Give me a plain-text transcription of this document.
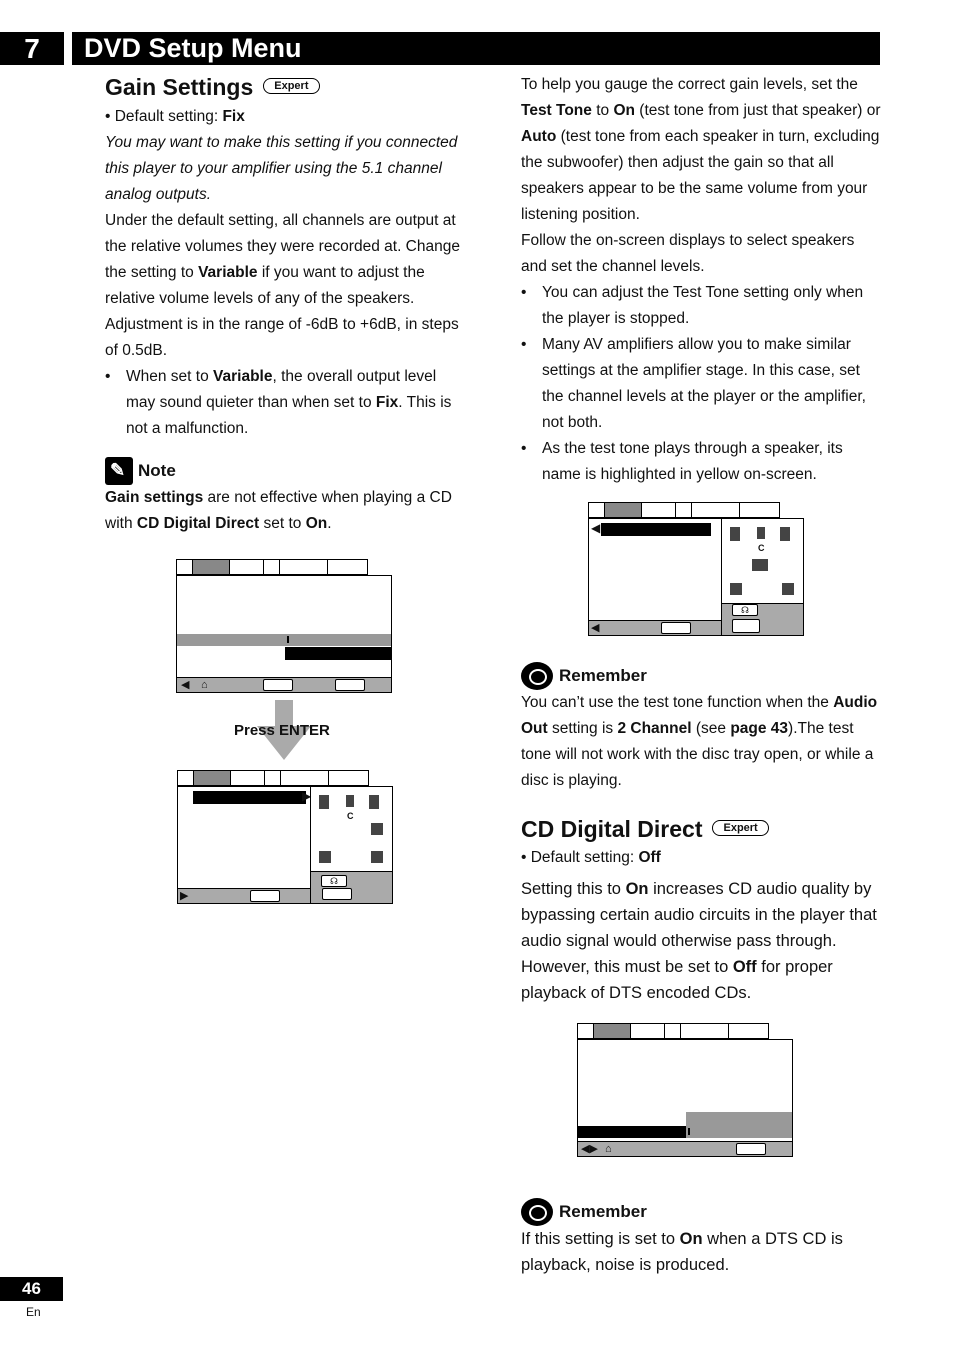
7	DVD Setup Menu
Gain Settings Expert

• Default setting: Fix

You may want to make this setting if you connected this player to your amplifier using the 5.1 channel analog outputs.

Under the default setting, all channels are output at the relative volumes they were recorded at. Change the setting to Variable if you want to adjust the relative volume levels of any of the speakers.

Adjustment is in the range of -6dB to +6dB, in steps of 0.5dB.

• When set to Variable, the overall output level may sound quieter than when set to Fix. This is not a malfunction.

✎
Note

Gain settings are not effective when playing a CD with CD Digital Direct set to On.

◀ ⌂
Press ENTER
▶
C
☊
▶

To help you gauge the correct gain levels, set the Test Tone to On (test tone from just that speaker) or Auto (test tone from each speaker in turn, excluding the subwoofer) then adjust the gain so that all speakers appear to be the same volume from your listening position.

Follow the on-screen displays to select speakers and set the channel levels.

• You can adjust the Test Tone setting only when the player is stopped.

• Many AV amplifiers allow you to make similar settings at the amplifier stage. In this case, set the channel levels at the player or the amplifier, not both.

• As the test tone plays through a speaker, its name is highlighted in yellow on-screen.

◀
C
☊
◀
Remember

You can’t use the test tone function when the Audio Out setting is 2 Channel (see page 43).The test tone will not work with the disc tray open, or while a disc is playing.

CD Digital Direct Expert

• Default setting: Off

Setting this to On increases CD audio quality by bypassing certain audio circuits in the player that audio signal would otherwise pass through. However, this must be set to Off for proper playback of DTS encoded CDs.

◀▶ ⌂
Remember

If this setting is set to On when a DTS CD is playback, noise is produced.

46
En
